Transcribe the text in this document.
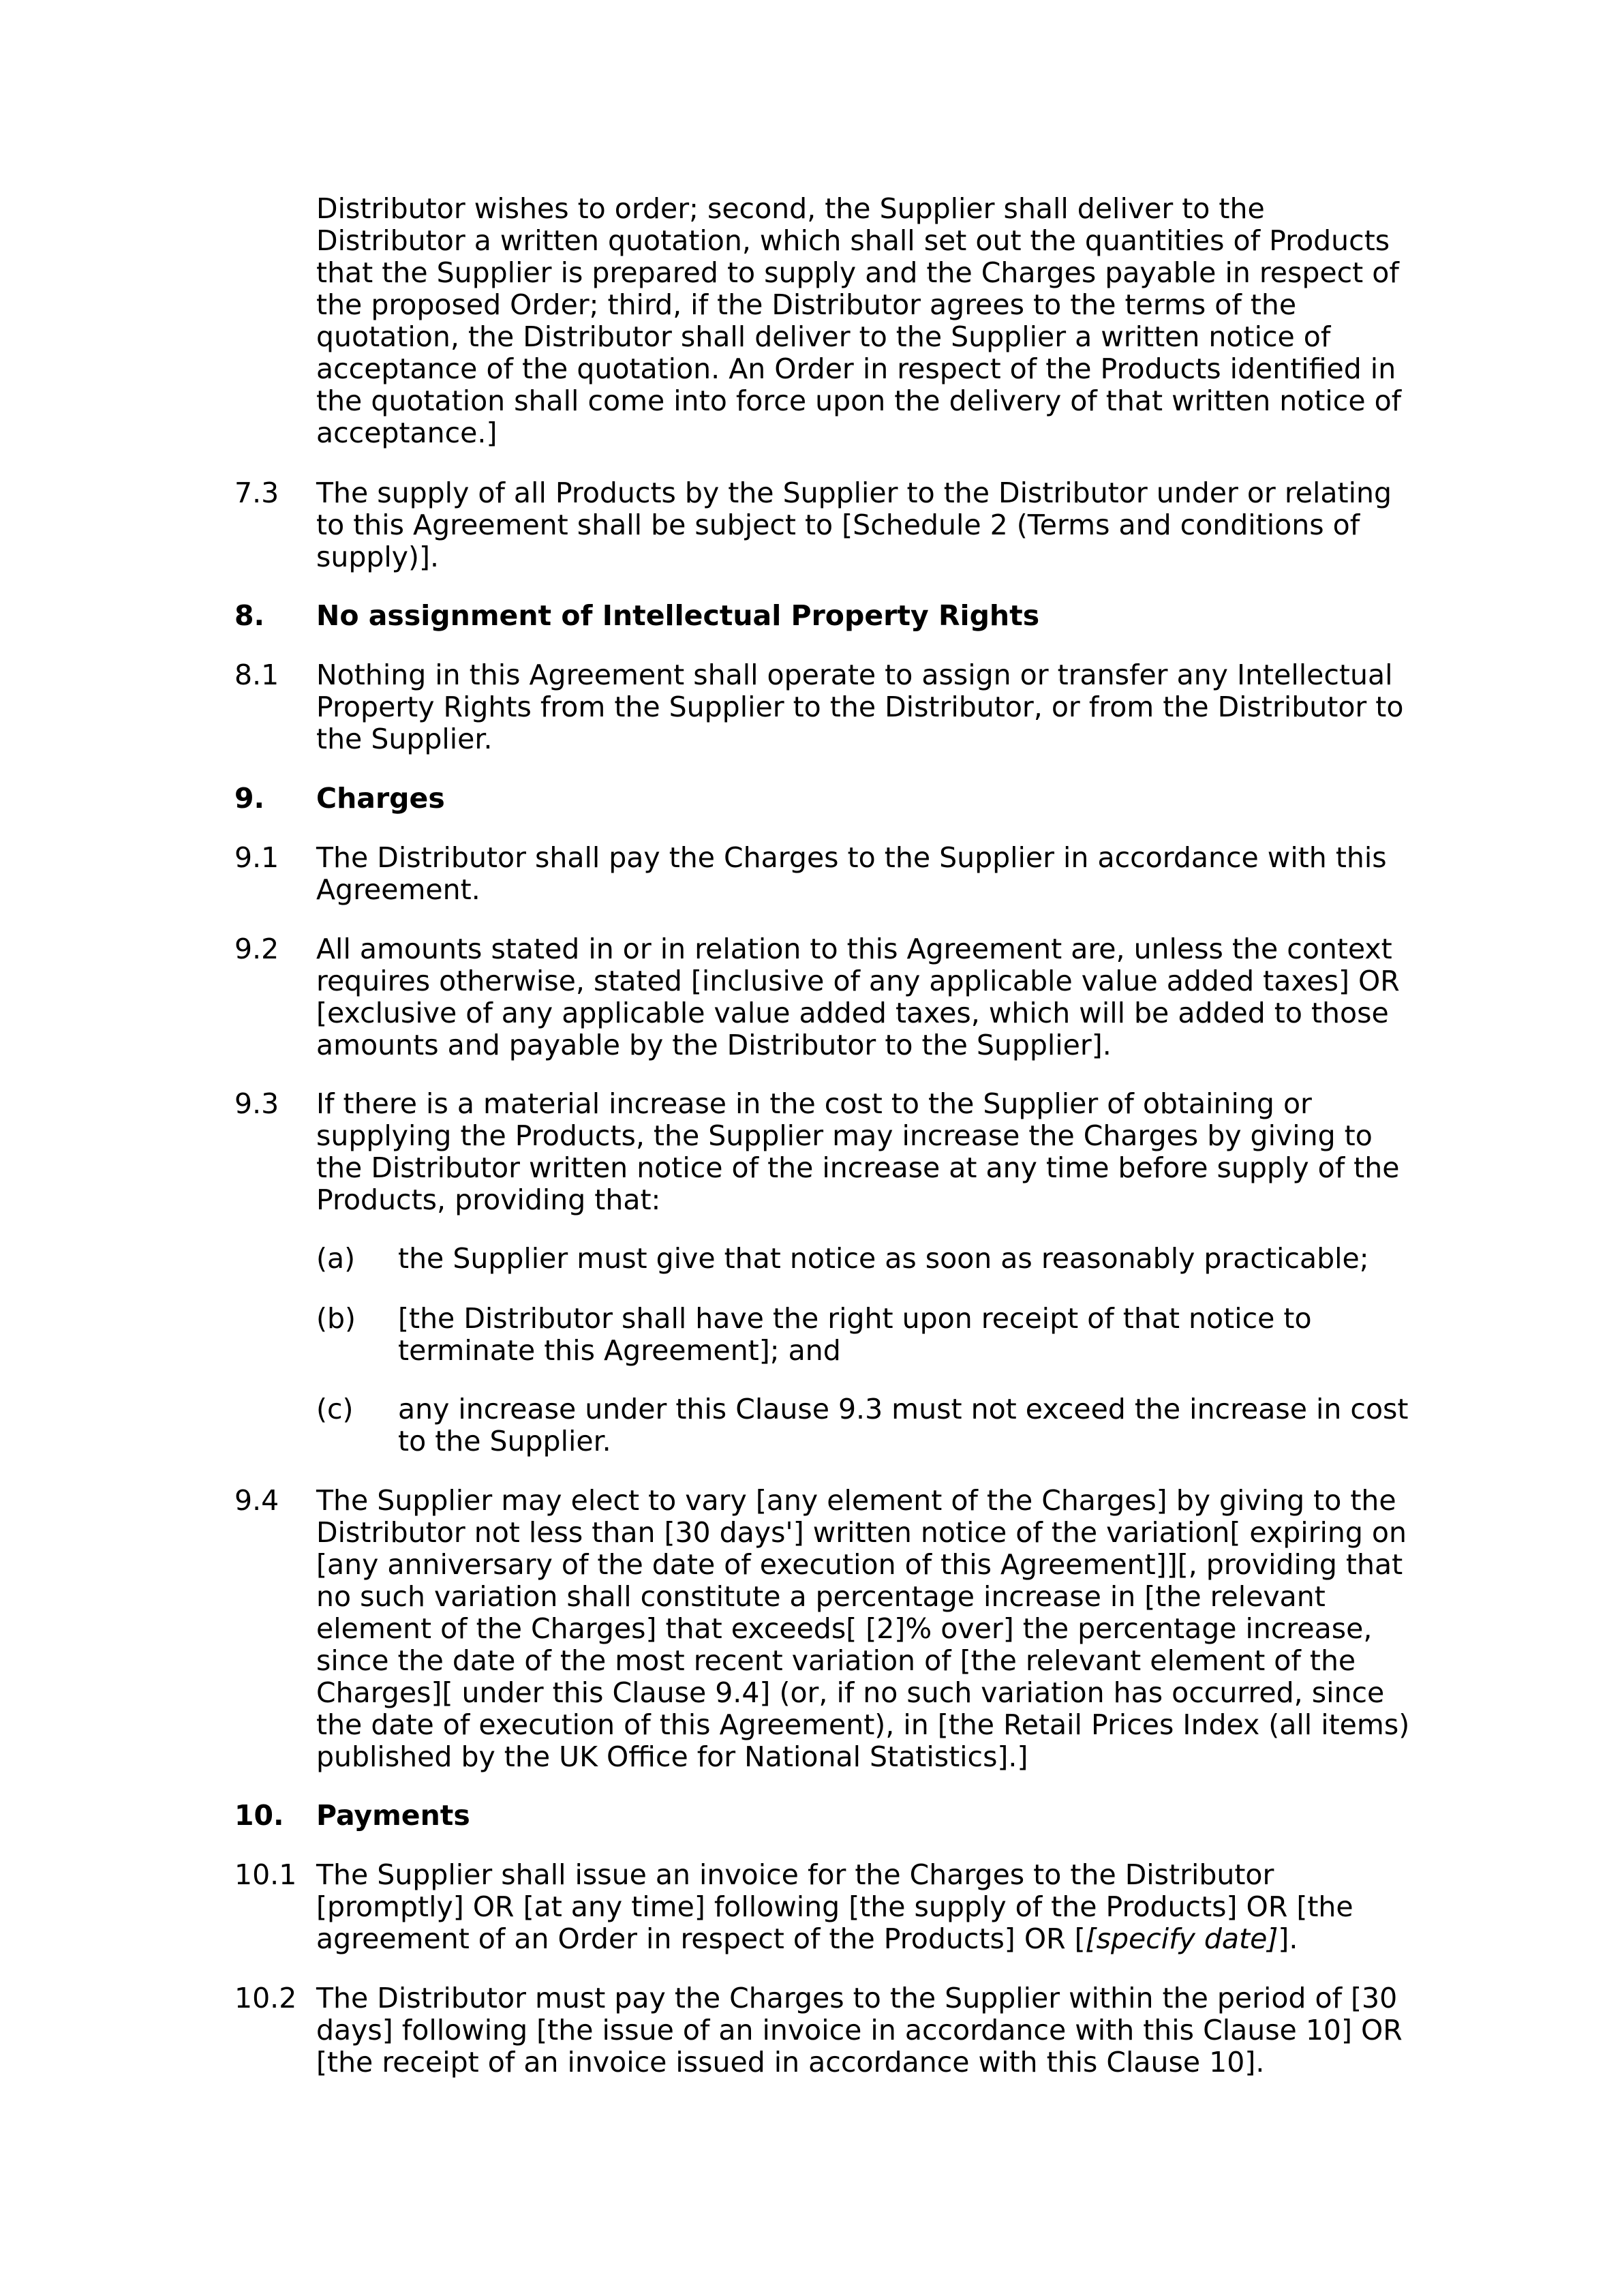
Distributor wishes to order; second, the Supplier shall deliver to the
Distributor a written quotation, which shall set out the quantities of Products
that the Supplier is prepared to supply and the Charges payable in respect of
the proposed Order; third, if the Distributor agrees to the terms of the
quotation, the Distributor shall deliver to the Supplier a written notice of
acceptance of the quotation. An Order in respect of the Products identified in
the quotation shall come into force upon the delivery of that written notice of
acceptance.]
7.3	The supply of all Products by the Supplier to the Distributor under or relating
to this Agreement shall be subject to [Schedule 2 (Terms and conditions of
supply)].
8.	No assignment of Intellectual Property Rights
8.1	Nothing in this Agreement shall operate to assign or transfer any Intellectual
Property Rights from the Supplier to the Distributor, or from the Distributor to
the Supplier.
9.	Charges
9.1	The Distributor shall pay the Charges to the Supplier in accordance with this
Agreement.
9.2	All amounts stated in or in relation to this Agreement are, unless the context
requires otherwise, stated [inclusive of any applicable value added taxes] OR
[exclusive of any applicable value added taxes, which will be added to those
amounts and payable by the Distributor to the Supplier].
9.3	If there is a material increase in the cost to the Supplier of obtaining or
supplying the Products, the Supplier may increase the Charges by giving to
the Distributor written notice of the increase at any time before supply of the
Products, providing that:
(a)	the Supplier must give that notice as soon as reasonably practicable;
(b)	[the Distributor shall have the right upon receipt of that notice to
terminate this Agreement]; and
(c)	any increase under this Clause 9.3 must not exceed the increase in cost
to the Supplier.
9.4	The Supplier may elect to vary [any element of the Charges] by giving to the
Distributor not less than [30 days'] written notice of the variation[ expiring on
[any anniversary of the date of execution of this Agreement]][, providing that
no such variation shall constitute a percentage increase in [the relevant
element of the Charges] that exceeds[ [2]% over] the percentage increase,
since the date of the most recent variation of [the relevant element of the
Charges][ under this Clause 9.4] (or, if no such variation has occurred, since
the date of execution of this Agreement), in [the Retail Prices Index (all items)
published by the UK Office for National Statistics].]
10.	Payments
10.1 The Supplier shall issue an invoice for the Charges to the Distributor
[promptly] OR [at any time] following [the supply of the Products] OR [the
agreement of an Order in respect of the Products] OR [[specify date]].
10.2 The Distributor must pay the Charges to the Supplier within the period of [30
days] following [the issue of an invoice in accordance with this Clause 10] OR
[the receipt of an invoice issued in accordance with this Clause 10].
